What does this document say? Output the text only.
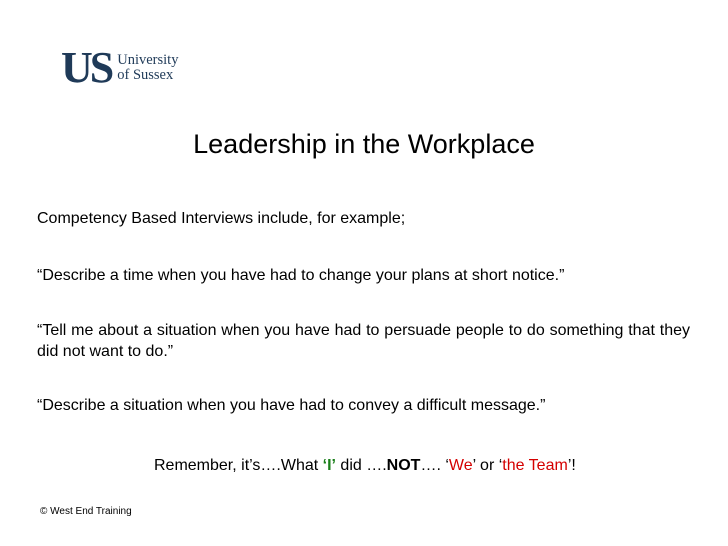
US University
of Sussex
Leadership in the Workplace
Competency Based Interviews include, for example;
“Describe a time when you have had to change your plans at short notice.”
“Tell me about a situation when you have had to persuade people to do something that they did not want to do.”
“Describe a situation when you have had to convey a difficult message.”
Remember, it’s….What ‘I’ did ….NOT…. ‘We’ or ‘the Team’!
© West End Training
